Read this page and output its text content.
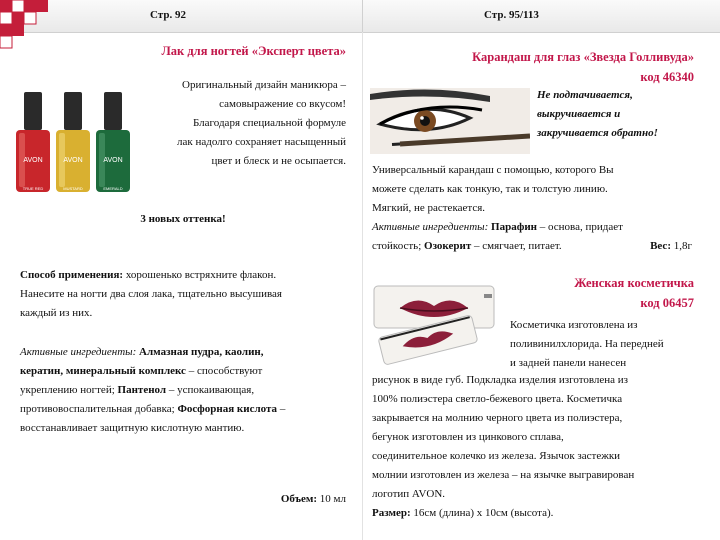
Стр. 92	Стр. 95/113
Лак для ногтей «Эксперт цвета»
AVON
TRUE RED
AVON
MUSTARD
AVON
EMERALD
Оригинальный дизайн маникюра –
самовыражение со вкусом!
Благодаря специальной формуле
лак надолго сохраняет насыщенный
цвет и блеск и не осыпается.
3 новых оттенка!
Способ применения: хорошенько встряхните флакон.
Нанесите на ногти два слоя лака, тщательно высушивая
каждый из них.
Активные ингредиенты: Алмазная пудра, каолин,
кератин, минеральный комплекс – способствуют
укреплению ногтей; Пантенол – успокаивающая,
противовоспалительная добавка; Фосфорная кислота –
восстанавливает защитную кислотную мантию.
Объем: 10 мл
Карандаш для глаз «Звезда Голливуда»
код 46340
Не подтачивается,
выкручивается и
закручивается обратно!
Универсальный карандаш с помощью, которого Вы
можете сделать как тонкую, так и толстую линию.
Мягкий, не растекается.
Активные ингредиенты: Парафин – основа, придает
стойкость; Озокерит – смягчает, питает.	Вес: 1,8г
Женская косметичка
код 06457
Косметичка изготовлена из
поливинилхлорида. На передней
и задней панели нанесен
рисунок в виде губ. Подкладка изделия изготовлена из
100% полиэстера светло-бежевого цвета. Косметичка
закрывается на молнию черного цвета из полиэстера,
бегунок изготовлен из цинкового сплава,
соединительное колечко из железа. Язычок застежки
молнии изготовлен из железа – на язычке выгравирован
логотип AVON.
Размер: 16см (длина) х 10см (высота).
